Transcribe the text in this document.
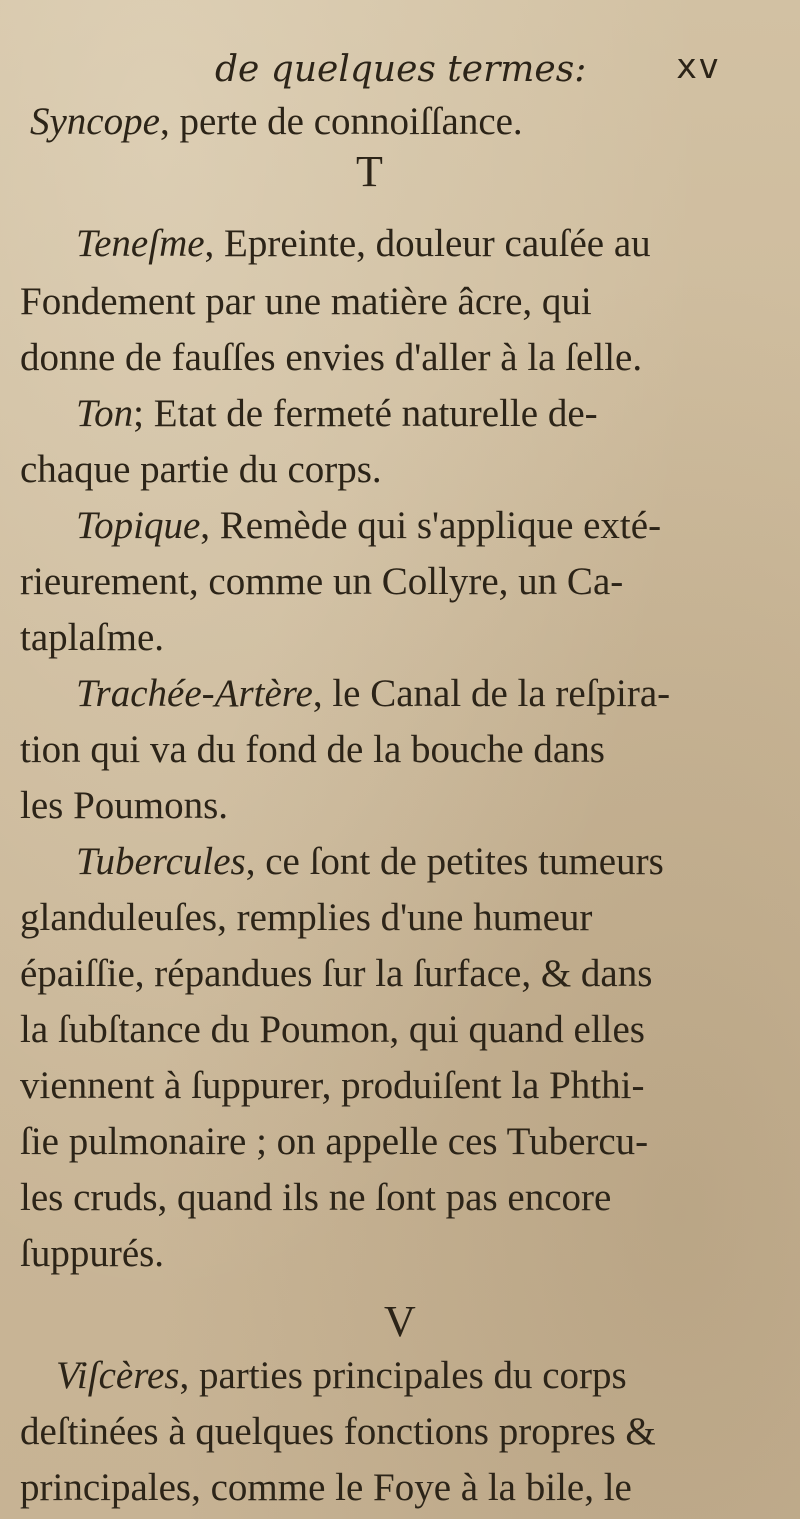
de quelques termes:	xv
Syncope, perte de connoiſſance.
T
Teneſme, Epreinte, douleur cauſée au
Fondement par une matière âcre, qui
donne de fauſſes envies d'aller à la ſelle.
Ton; Etat de fermeté naturelle de-
chaque partie du corps.
Topique, Remède qui s'applique exté-
rieurement, comme un Collyre, un Ca-
taplaſme.
Trachée-Artère, le Canal de la reſpira-
tion qui va du fond de la bouche dans
les Poumons.
Tubercules, ce ſont de petites tumeurs
glanduleuſes, remplies d'une humeur
épaiſſie, répandues ſur la ſurface, & dans
la ſubſtance du Poumon, qui quand elles
viennent à ſuppurer, produiſent la Phthi-
ſie pulmonaire ; on appelle ces Tubercu-
les cruds, quand ils ne ſont pas encore
ſuppurés.
V
Viſcères, parties principales du corps
deſtinées à quelques fonctions propres &
principales, comme le Foye à la bile, le
